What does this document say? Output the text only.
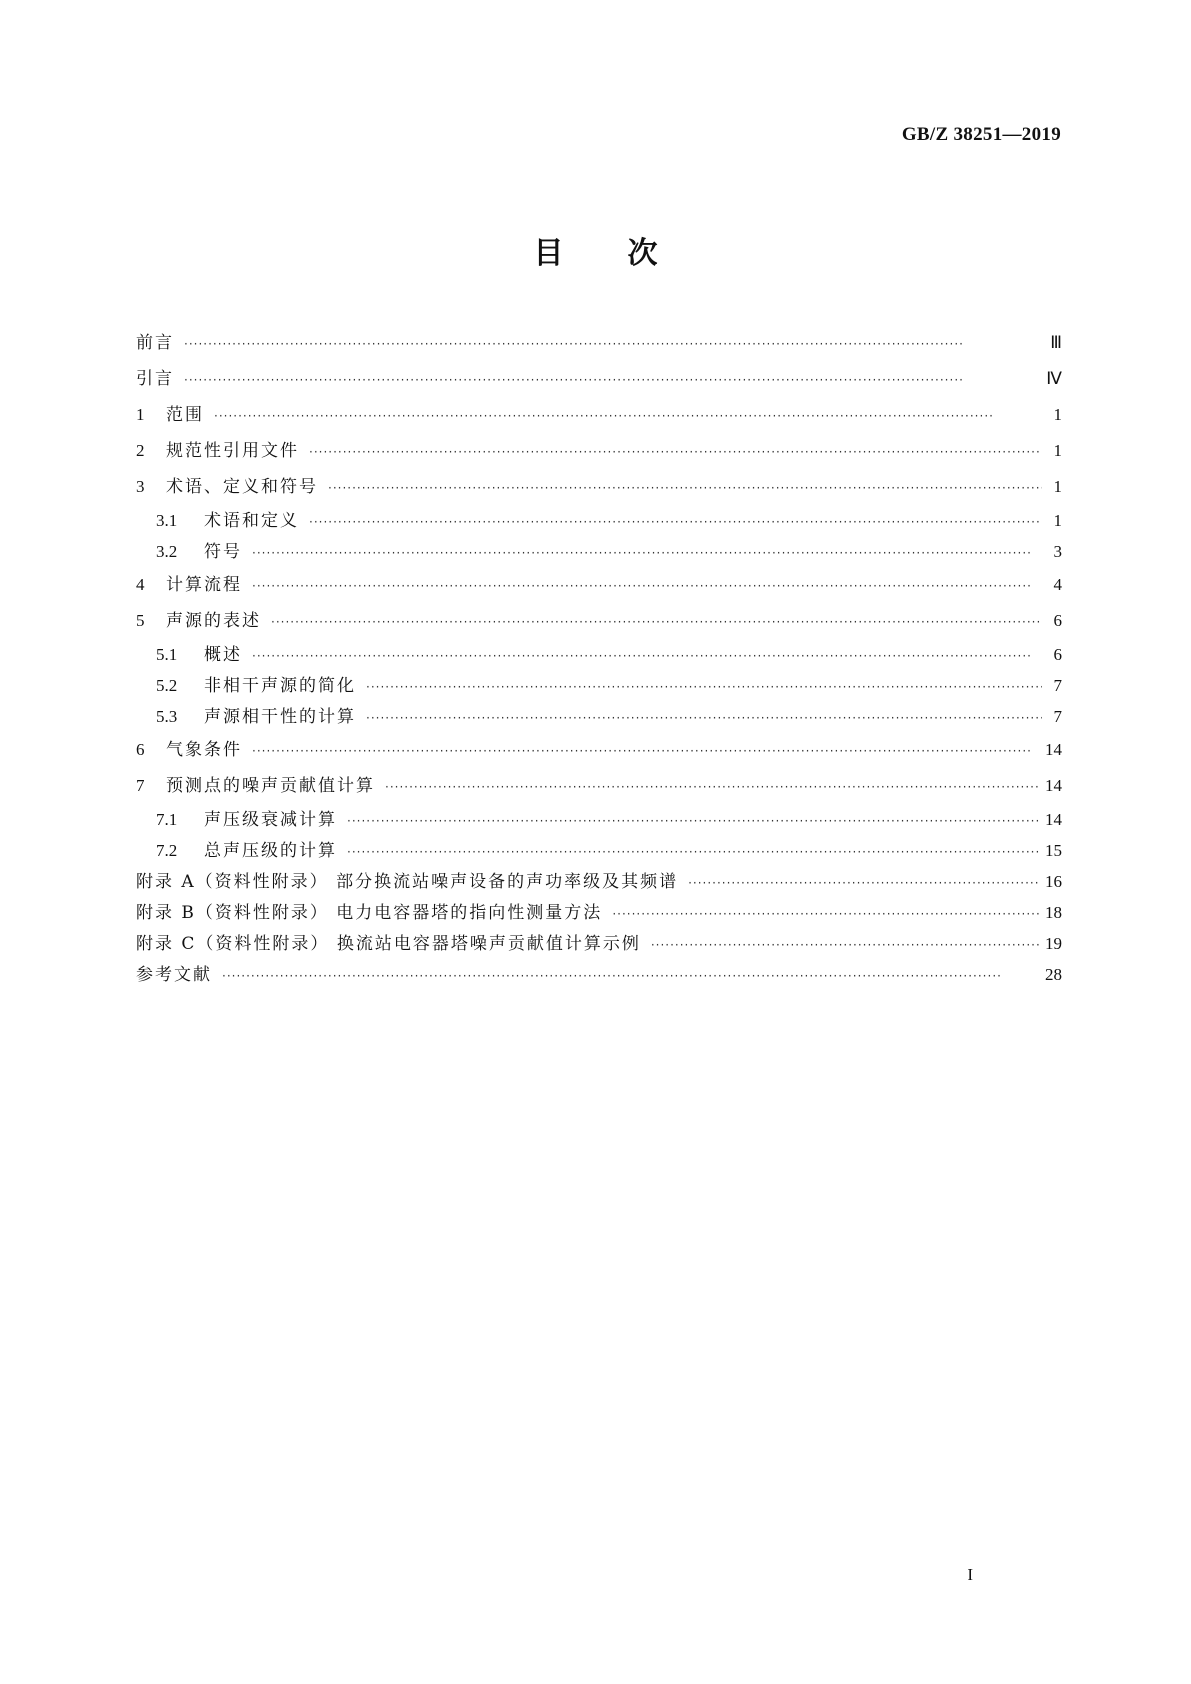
GB/Z 38251—2019
目次
前言 ·····	Ⅲ
引言 ·····	Ⅳ
1	范围 ·····	1
2	规范性引用文件 ·····	1
3	术语、定义和符号 ·····	1
3.1	术语和定义 ·····	1
3.2	符号 ·····	3
4	计算流程 ·····	4
5	声源的表述 ·····	6
5.1	概述 ·····	6
5.2	非相干声源的简化 ·····	7
5.3	声源相干性的计算 ·····	7
6	气象条件 ·····	14
7	预测点的噪声贡献值计算 ·····	14
7.1	声压级衰减计算 ·····	14
7.2	总声压级的计算 ·····	15
附录 A（资料性附录） 部分换流站噪声设备的声功率级及其频谱 ·····	16
附录 B（资料性附录） 电力电容器塔的指向性测量方法 ·····	18
附录 C（资料性附录） 换流站电容器塔噪声贡献值计算示例 ·····	19
参考文献 ·····	28
I
